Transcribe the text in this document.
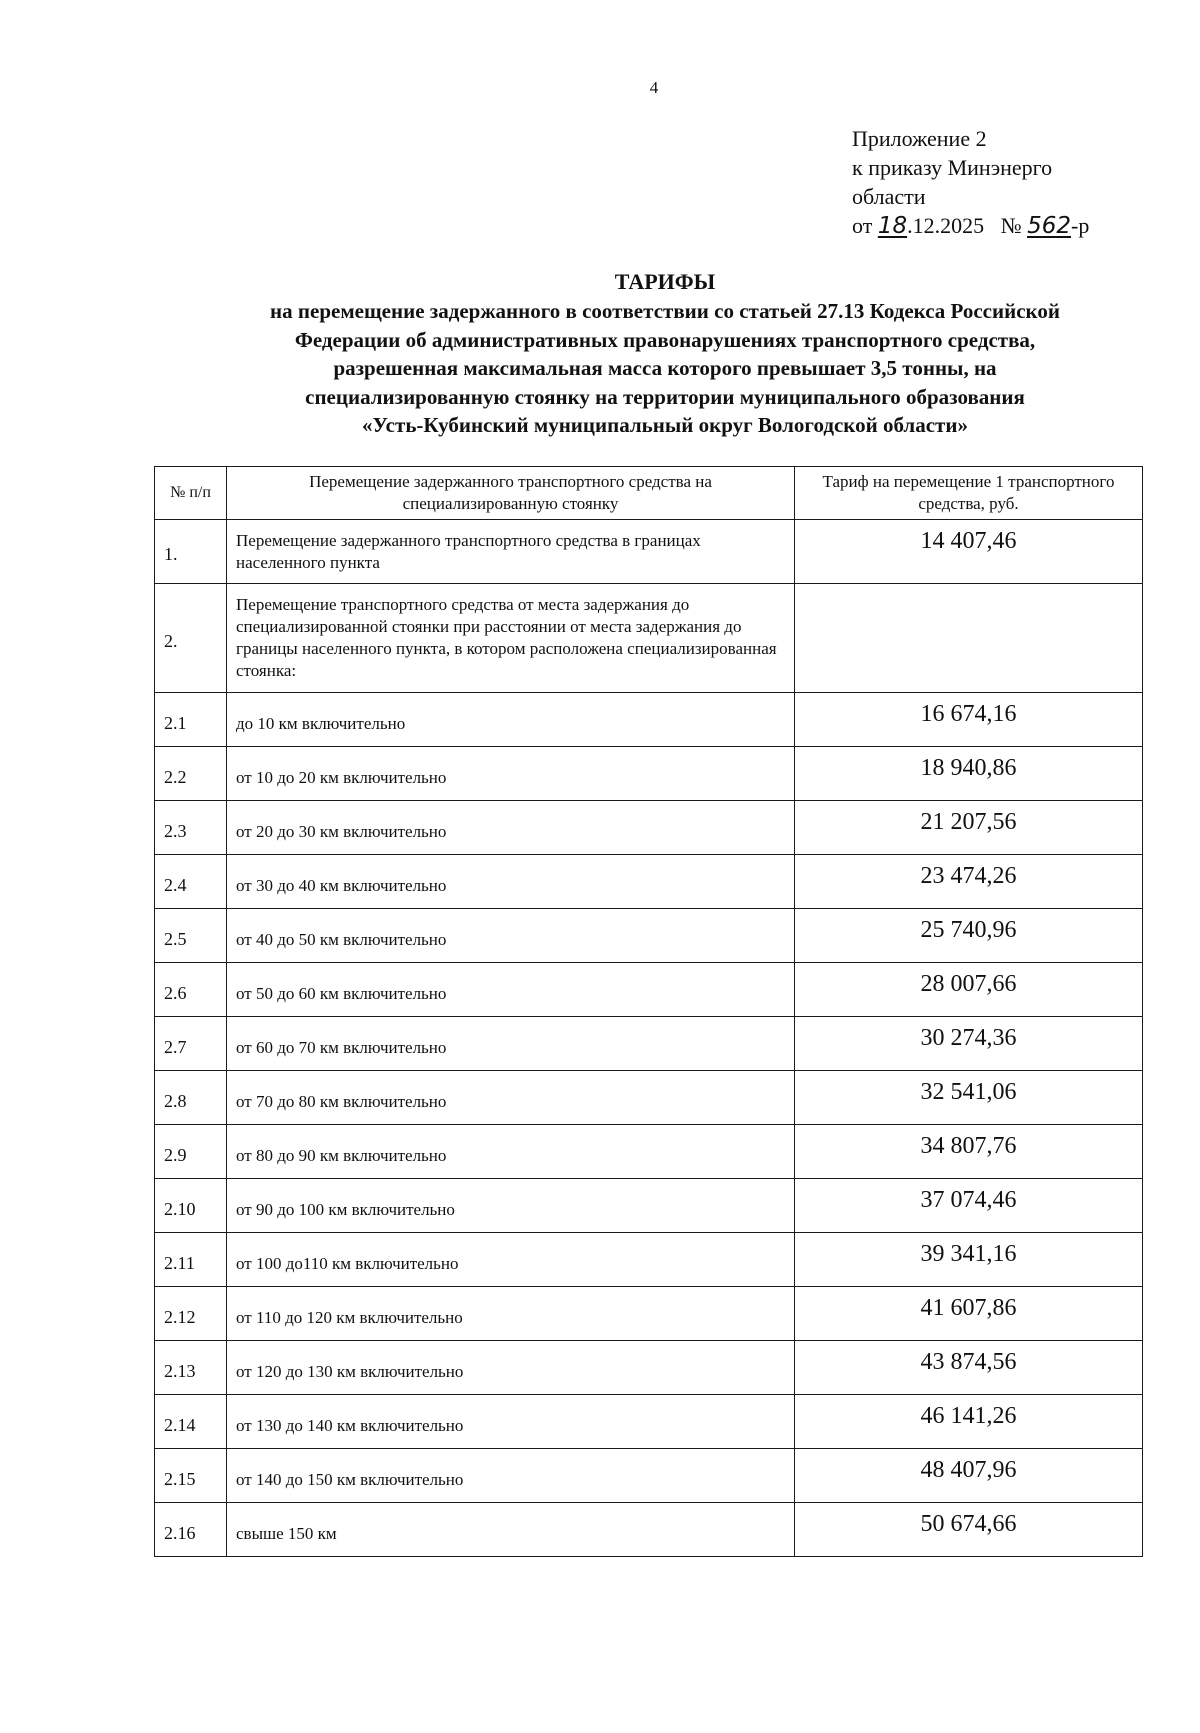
4
Приложение 2
к приказу Минэнерго
области
от 18.12.2025 № 562-р
ТАРИФЫ
на перемещение задержанного в соответствии со статьей 27.13 Кодекса Российской
Федерации об административных правонарушениях транспортного средства,
разрешенная максимальная масса которого превышает 3,5 тонны, на
специализированную стоянку на территории муниципального образования
«Усть-Кубинский муниципальный округ Вологодской области»
№ п/п	Перемещение задержанного транспортного средства на специализированную стоянку	Тариф на перемещение 1 транспортного средства, руб.
1.	Перемещение задержанного транспортного средства в границах населенного пункта	14 407,46
2.	Перемещение транспортного средства от места задержания до специализированной стоянки при расстоянии от места задержания до границы населенного пункта, в котором расположена специализированная стоянка:	
2.1	до 10 км включительно	16 674,16
2.2	от 10 до 20 км включительно	18 940,86
2.3	от 20 до 30 км включительно	21 207,56
2.4	от 30 до 40 км включительно	23 474,26
2.5	от 40 до 50 км включительно	25 740,96
2.6	от 50 до 60 км включительно	28 007,66
2.7	от 60 до 70 км включительно	30 274,36
2.8	от 70 до 80 км включительно	32 541,06
2.9	от 80 до 90 км включительно	34 807,76
2.10	от 90 до 100 км включительно	37 074,46
2.11	от 100 до110 км включительно	39 341,16
2.12	от 110 до 120 км включительно	41 607,86
2.13	от 120 до 130 км включительно	43 874,56
2.14	от 130 до 140 км включительно	46 141,26
2.15	от 140 до 150 км включительно	48 407,96
2.16	свыше 150 км	50 674,66
